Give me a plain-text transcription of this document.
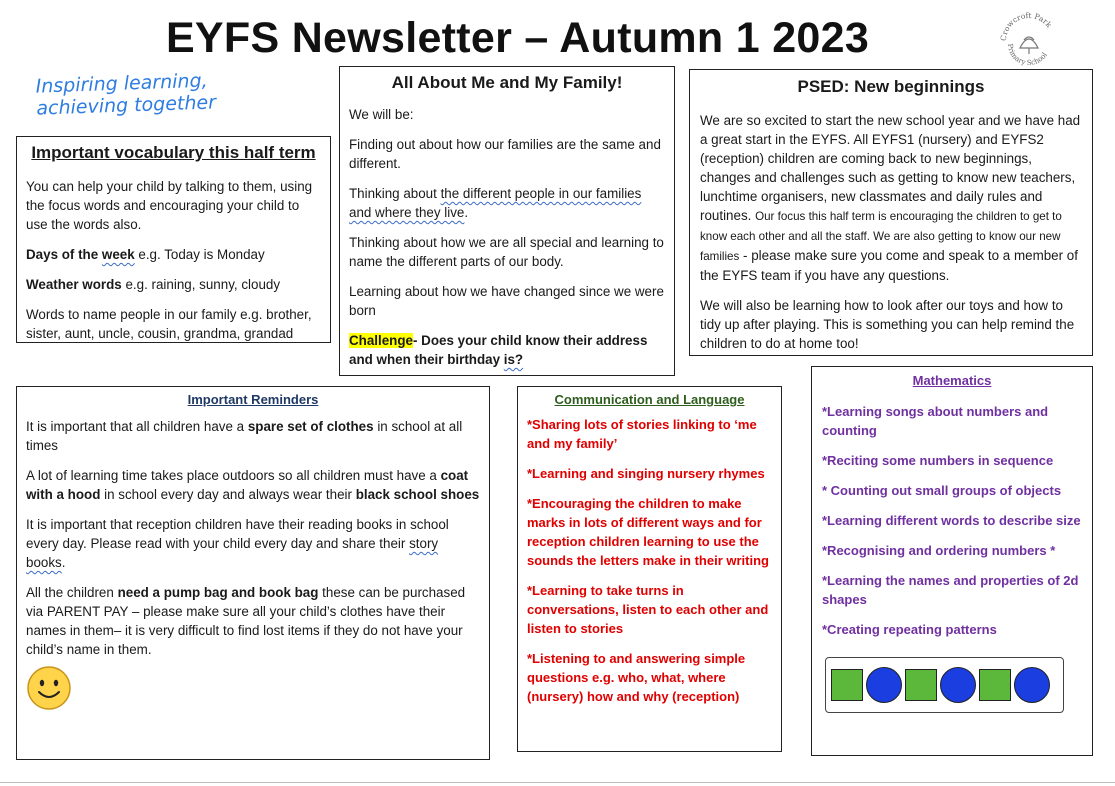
EYFS Newsletter – Autumn 1 2023
Inspiring learning, achieving together
Crowcroft Park
Primary School
Important vocabulary this half term

You can help your child by talking to them, using the focus words and encouraging your child to use the words also.

Days of the week e.g. Today is Monday

Weather words e.g. raining, sunny, cloudy

Words to name people in our family e.g. brother, sister, aunt, uncle, cousin, grandma, grandad

All About Me and My Family!

We will be:

Finding out about how our families are the same and different.

Thinking about the different people in our families and where they live.

Thinking about how we are all special and learning to name the different parts of our body.

Learning about how we have changed since we were born

Challenge- Does your child know their address and when their birthday is?

PSED: New beginnings

We are so excited to start the new school year and we have had a great start in the EYFS. All EYFS1 (nursery) and EYFS2 (reception) children are coming back to new beginnings, changes and challenges such as getting to know new teachers, lunchtime organisers, new classmates and daily rules and routines. Our focus this half term is encouraging the children to get to know each other and all the staff. We are also getting to know our new families - please make sure you come and speak to a member of the EYFS team if you have any questions.

We will also be learning how to look after our toys and how to tidy up after playing. This is something you can help remind the children to do at home too!

Important Reminders

It is important that all children have a spare set of clothes in school at all times

A lot of learning time takes place outdoors so all children must have a coat with a hood in school every day and always wear their black school shoes

It is important that reception children have their reading books in school every day. Please read with your child every day and share their story books.

All the children need a pump bag and book bag these can be purchased via PARENT PAY – please make sure all your child’s clothes have their names in them– it is very difficult to find lost items if they do not have your child’s name in them.

Communication and Language

*Sharing lots of stories linking to ‘me and my family’

*Learning and singing nursery rhymes

*Encouraging the children to make marks in lots of different ways and for reception children learning to use the sounds the letters make in their writing

*Learning to take turns in conversations, listen to each other and listen to stories

*Listening to and answering simple questions e.g. who, what, where (nursery) how and why (reception)

Mathematics

*Learning songs about numbers and counting

*Reciting some numbers in sequence

* Counting out small groups of objects

*Learning different words to describe size

*Recognising and ordering numbers *

*Learning the names and properties of 2d shapes

*Creating repeating patterns
